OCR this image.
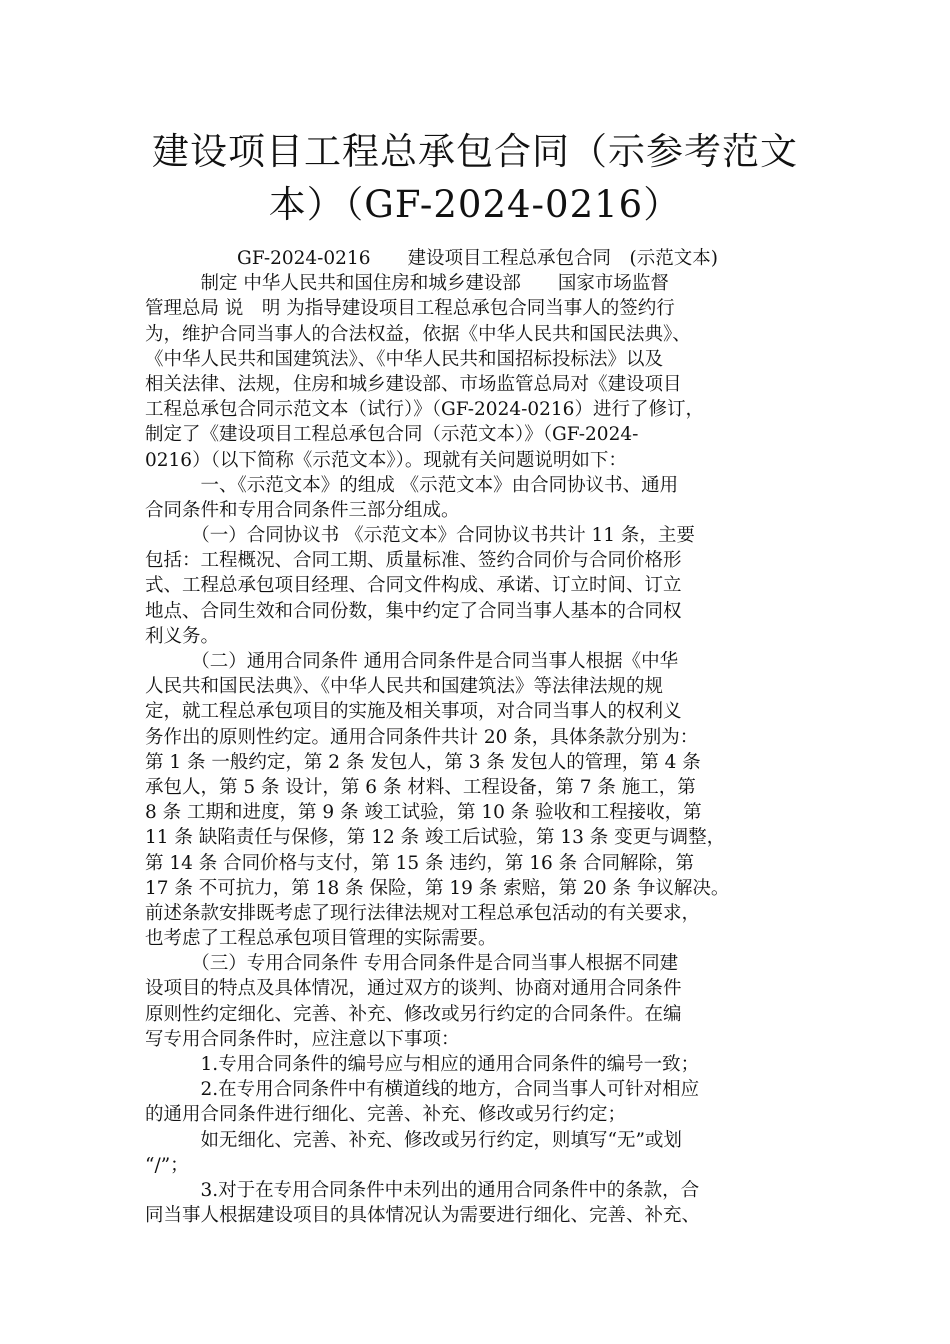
建设项目工程总承包合同（示参考范文
本）（GF-2024-0216）
GF-2024-0216　　建设项目工程总承包合同　(示范文本)
　　　制定 中华人民共和国住房和城乡建设部　　国家市场监督
管理总局 说　明 为指导建设项目工程总承包合同当事人的签约行
为，维护合同当事人的合法权益，依据《中华人民共和国民法典》、
《中华人民共和国建筑法》、《中华人民共和国招标投标法》以及
相关法律、法规，住房和城乡建设部、市场监管总局对《建设项目
工程总承包合同示范文本（试行）》（GF-2024-0216）进行了修订，
制定了《建设项目工程总承包合同（示范文本）》（GF-2024-
0216）（以下简称《示范文本》）。现就有关问题说明如下：
　　　一、《示范文本》的组成 《示范文本》由合同协议书、通用
合同条件和专用合同条件三部分组成。
　　　（一）合同协议书 《示范文本》合同协议书共计 11 条，主要
包括：工程概况、合同工期、质量标准、签约合同价与合同价格形
式、工程总承包项目经理、合同文件构成、承诺、订立时间、订立
地点、合同生效和合同份数，集中约定了合同当事人基本的合同权
利义务。
　　　（二）通用合同条件 通用合同条件是合同当事人根据《中华
人民共和国民法典》、《中华人民共和国建筑法》等法律法规的规
定，就工程总承包项目的实施及相关事项，对合同当事人的权利义
务作出的原则性约定。通用合同条件共计 20 条，具体条款分别为：
第 1 条 一般约定，第 2 条 发包人，第 3 条 发包人的管理，第 4 条
承包人，第 5 条 设计，第 6 条 材料、工程设备，第 7 条 施工，第
8 条 工期和进度，第 9 条 竣工试验，第 10 条 验收和工程接收，第
11 条 缺陷责任与保修，第 12 条 竣工后试验，第 13 条 变更与调整，
第 14 条 合同价格与支付，第 15 条 违约，第 16 条 合同解除，第
17 条 不可抗力，第 18 条 保险，第 19 条 索赔，第 20 条 争议解决。
前述条款安排既考虑了现行法律法规对工程总承包活动的有关要求，
也考虑了工程总承包项目管理的实际需要。
　　　（三）专用合同条件 专用合同条件是合同当事人根据不同建
设项目的特点及具体情况，通过双方的谈判、协商对通用合同条件
原则性约定细化、完善、补充、修改或另行约定的合同条件。在编
写专用合同条件时，应注意以下事项：
　　　1.专用合同条件的编号应与相应的通用合同条件的编号一致；
　　　2.在专用合同条件中有横道线的地方，合同当事人可针对相应
的通用合同条件进行细化、完善、补充、修改或另行约定；
　　　如无细化、完善、补充、修改或另行约定，则填写“无”或划
“/”；
　　　3.对于在专用合同条件中未列出的通用合同条件中的条款，合
同当事人根据建设项目的具体情况认为需要进行细化、完善、补充、
